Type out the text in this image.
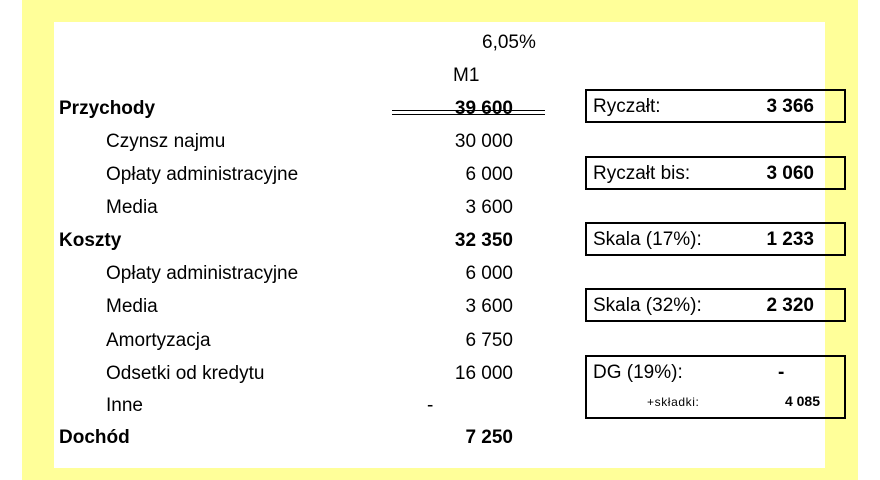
6,05%
M1
Przychody	39 600
Czynsz najmu	30 000
Opłaty administracyjne	6 000
Media	3 600
Koszty	32 350
Opłaty administracyjne	6 000
Media	3 600
Amortyzacja	6 750
Odsetki od kredytu	16 000
Inne	-
Dochód	7 250
Ryczałt:	3 366
Ryczałt bis:	3 060
Skala (17%):	1 233
Skala (32%):	2 320
DG (19%):	-
+składki:	4 085
